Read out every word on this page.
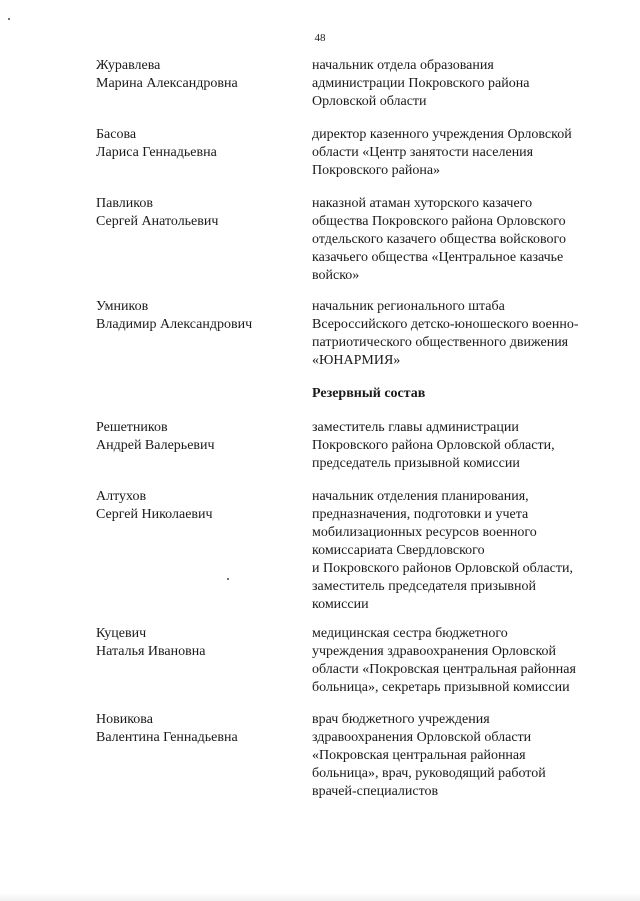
48
Журавлева
Марина Александровна
начальник отдела образования
администрации Покровского района
Орловской области
Басова
Лариса Геннадьевна
директор казенного учреждения Орловской
области «Центр занятости населения
Покровского района»
Павликов
Сергей Анатольевич
наказной атаман хуторского казачего
общества Покровского района Орловского
отдельского казачего общества войскового
казачьего общества «Центральное казачье
войско»
Умников
Владимир Александрович
начальник регионального штаба
Всероссийского детско-юношеского военно-
патриотического общественного движения
«ЮНАРМИЯ»
Резервный состав
Решетников
Андрей Валерьевич
заместитель главы администрации
Покровского района Орловской области,
председатель призывной комиссии
Алтухов
Сергей Николаевич
начальник отделения планирования,
предназначения, подготовки и учета
мобилизационных ресурсов военного
комиссариата Свердловского
и Покровского районов Орловской области,
заместитель председателя призывной
комиссии
Куцевич
Наталья Ивановна
медицинская сестра бюджетного
учреждения здравоохранения Орловской
области «Покровская центральная районная
больница», секретарь призывной комиссии
Новикова
Валентина Геннадьевна
врач бюджетного учреждения
здравоохранения Орловской области
«Покровская центральная районная
больница», врач, руководящий работой
врачей-специалистов
